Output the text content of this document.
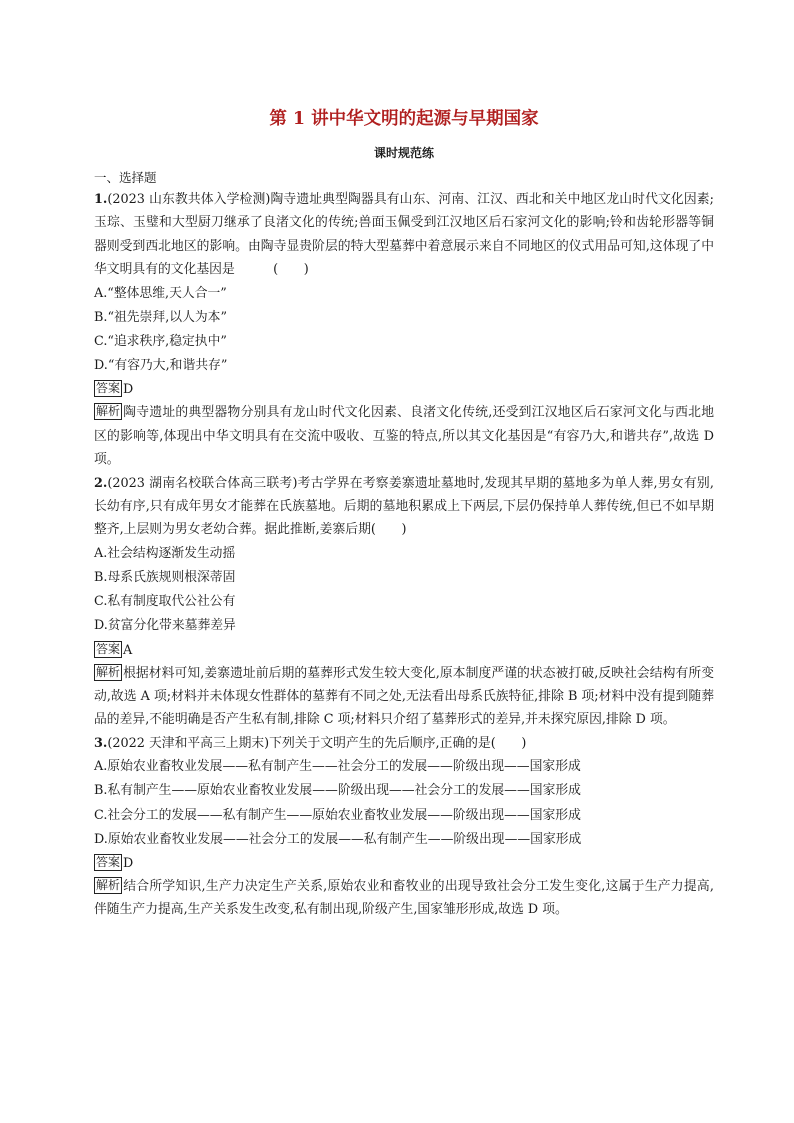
第 1 讲中华文明的起源与早期国家
课时规范练
一、选择题

1.(2023 山东教共体入学检测)陶寺遗址典型陶器具有山东、河南、江汉、西北和关中地区龙山时代文化因素;玉琮、玉璧和大型厨刀继承了良渚文化的传统;兽面玉佩受到江汉地区后石家河文化的影响;铃和齿轮形器等铜器则受到西北地区的影响。由陶寺显贵阶层的特大型墓葬中着意展示来自不同地区的仪式用品可知,这体现了中华文明具有的文化基因是　　　(　　)

A.“整体思维,天人合一”
B.“祖先崇拜,以人为本”
C.“追求秩序,稳定执中”
D.“有容乃大,和谐共存”
答案 D

解析 陶寺遗址的典型器物分别具有龙山时代文化因素、良渚文化传统,还受到江汉地区后石家河文化与西北地区的影响等,体现出中华文明具有在交流中吸收、互鉴的特点,所以其文化基因是“有容乃大,和谐共存”,故选 D 项。

2.(2023 湖南名校联合体高三联考)考古学界在考察姜寨遗址墓地时,发现其早期的墓地多为单人葬,男女有别,长幼有序,只有成年男女才能葬在氏族墓地。后期的墓地积累成上下两层,下层仍保持单人葬传统,但已不如早期整齐,上层则为男女老幼合葬。据此推断,姜寨后期(　　)

A.社会结构逐渐发生动摇
B.母系氏族规则根深蒂固
C.私有制度取代公社公有
D.贫富分化带来墓葬差异
答案 A

解析 根据材料可知,姜寨遗址前后期的墓葬形式发生较大变化,原本制度严谨的状态被打破,反映社会结构有所变动,故选 A 项;材料并未体现女性群体的墓葬有不同之处,无法看出母系氏族特征,排除 B 项;材料中没有提到随葬品的差异,不能明确是否产生私有制,排除 C 项;材料只介绍了墓葬形式的差异,并未探究原因,排除 D 项。

3.(2022 天津和平高三上期末)下列关于文明产生的先后顺序,正确的是(　　)

A.原始农业畜牧业发展——私有制产生——社会分工的发展——阶级出现——国家形成
B.私有制产生——原始农业畜牧业发展——阶级出现——社会分工的发展——国家形成
C.社会分工的发展——私有制产生——原始农业畜牧业发展——阶级出现——国家形成
D.原始农业畜牧业发展——社会分工的发展——私有制产生——阶级出现——国家形成
答案 D

解析 结合所学知识,生产力决定生产关系,原始农业和畜牧业的出现导致社会分工发生变化,这属于生产力提高,伴随生产力提高,生产关系发生改变,私有制出现,阶级产生,国家雏形形成,故选 D 项。
